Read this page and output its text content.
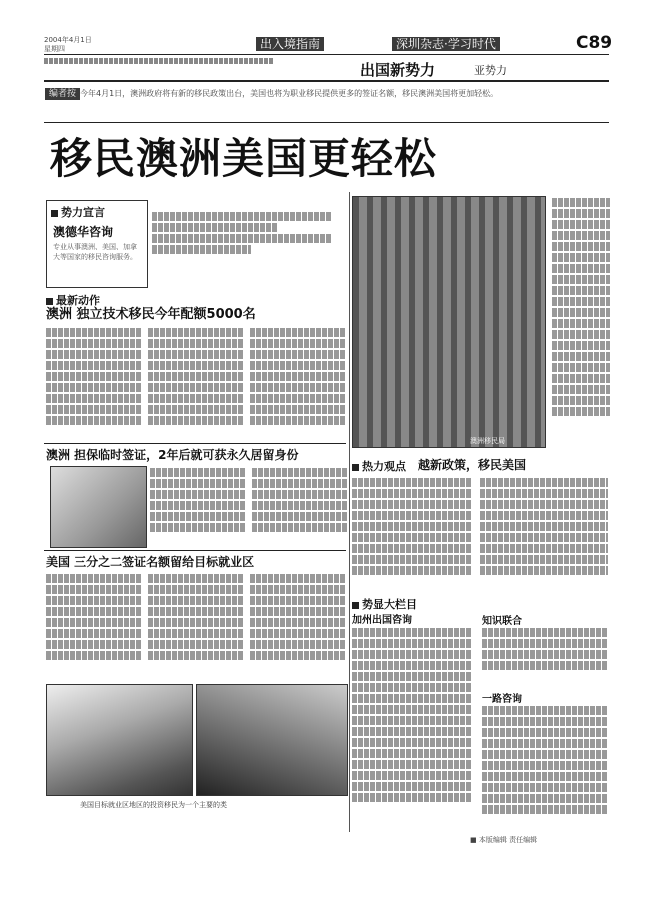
2004年4月1日
星期四	出入境指南	深圳杂志·学习时代	C89
出国新势力	亚势力
编者按 今年4月1日，澳洲政府将有新的移民政策出台，美国也将为职业移民提供更多的签证名额，移民澳洲美国将更加轻松。
移民澳洲美国更轻松
势力宣言
澳德华咨询
专业从事澳洲、美国、加拿大等国家的移民咨询服务。
最新动作
澳洲 独立技术移民今年配额5000名
澳洲 担保临时签证，2年后就可获永久居留身份
美国 三分之二签证名额留给目标就业区
美国目标就业区地区的投资移民为一个主要的类
澳洲移民局
热力观点 越新政策，移民美国
势显大栏目
加州出国咨询	知识联合
一路咨询
■ 本版编辑 责任编辑
